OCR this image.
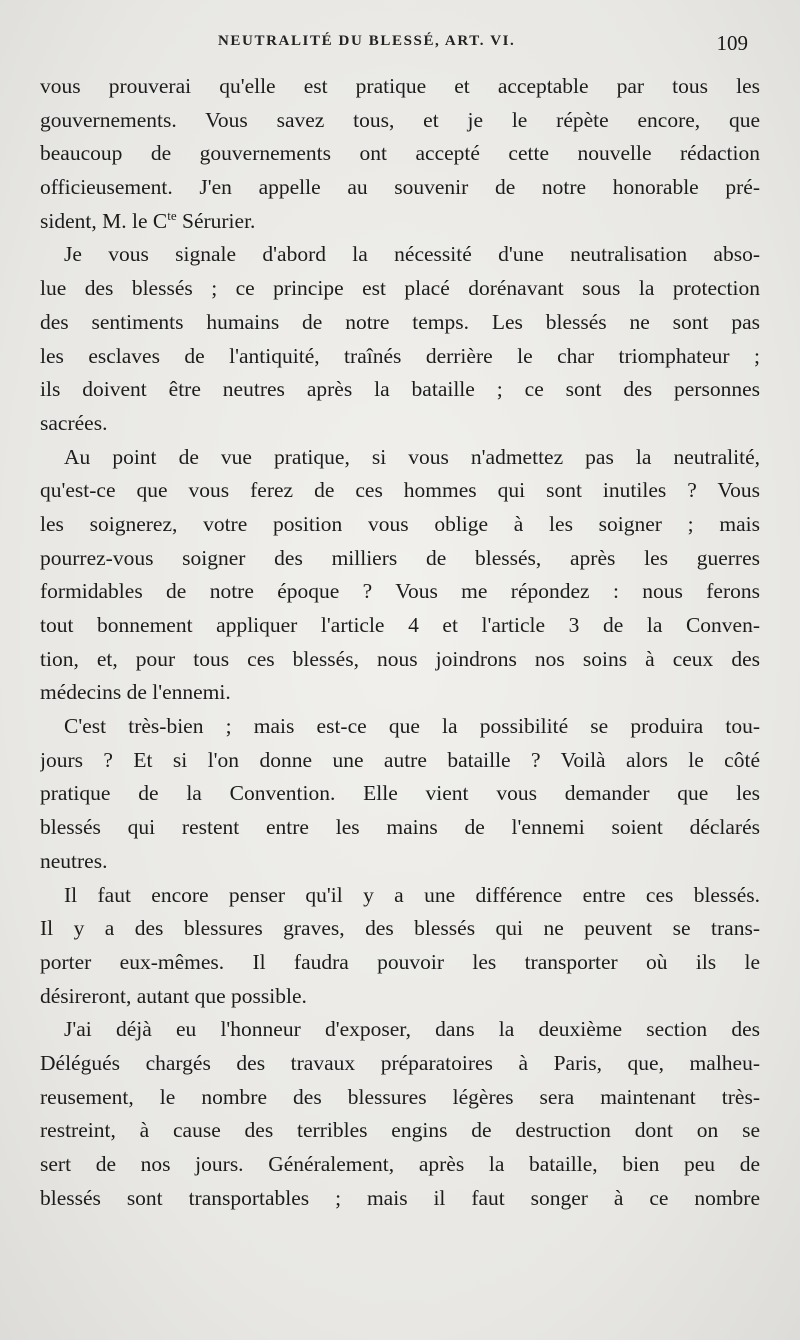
NEUTRALITÉ DU BLESSÉ, ART. VI.	109
vous prouverai qu'elle est pratique et acceptable par tous les
gouvernements. Vous savez tous, et je le répète encore, que
beaucoup de gouvernements ont accepté cette nouvelle rédaction
officieusement. J'en appelle au souvenir de notre honorable pré-
sident, M. le $C^{te}$ Sérurier.
Je vous signale d'abord la nécessité d'une neutralisation abso-
lue des blessés ; ce principe est placé dorénavant sous la protection
des sentiments humains de notre temps. Les blessés ne sont pas
les esclaves de l'antiquité, traînés derrière le char triomphateur ;
ils doivent être neutres après la bataille ; ce sont des personnes
sacrées.
Au point de vue pratique, si vous n'admettez pas la neutralité,
qu'est-ce que vous ferez de ces hommes qui sont inutiles ? Vous
les soignerez, votre position vous oblige à les soigner ; mais
pourrez-vous soigner des milliers de blessés, après les guerres
formidables de notre époque ? Vous me répondez : nous ferons
tout bonnement appliquer l'article 4 et l'article 3 de la Conven-
tion, et, pour tous ces blessés, nous joindrons nos soins à ceux des
médecins de l'ennemi.
C'est très-bien ; mais est-ce que la possibilité se produira tou-
jours ? Et si l'on donne une autre bataille ? Voilà alors le côté
pratique de la Convention. Elle vient vous demander que les
blessés qui restent entre les mains de l'ennemi soient déclarés
neutres.
Il faut encore penser qu'il y a une différence entre ces blessés.
Il y a des blessures graves, des blessés qui ne peuvent se trans-
porter eux-mêmes. Il faudra pouvoir les transporter où ils le
désireront, autant que possible.
J'ai déjà eu l'honneur d'exposer, dans la deuxième section des
Délégués chargés des travaux préparatoires à Paris, que, malheu-
reusement, le nombre des blessures légères sera maintenant très-
restreint, à cause des terribles engins de destruction dont on se
sert de nos jours. Généralement, après la bataille, bien peu de
blessés sont transportables ; mais il faut songer à ce nombre
